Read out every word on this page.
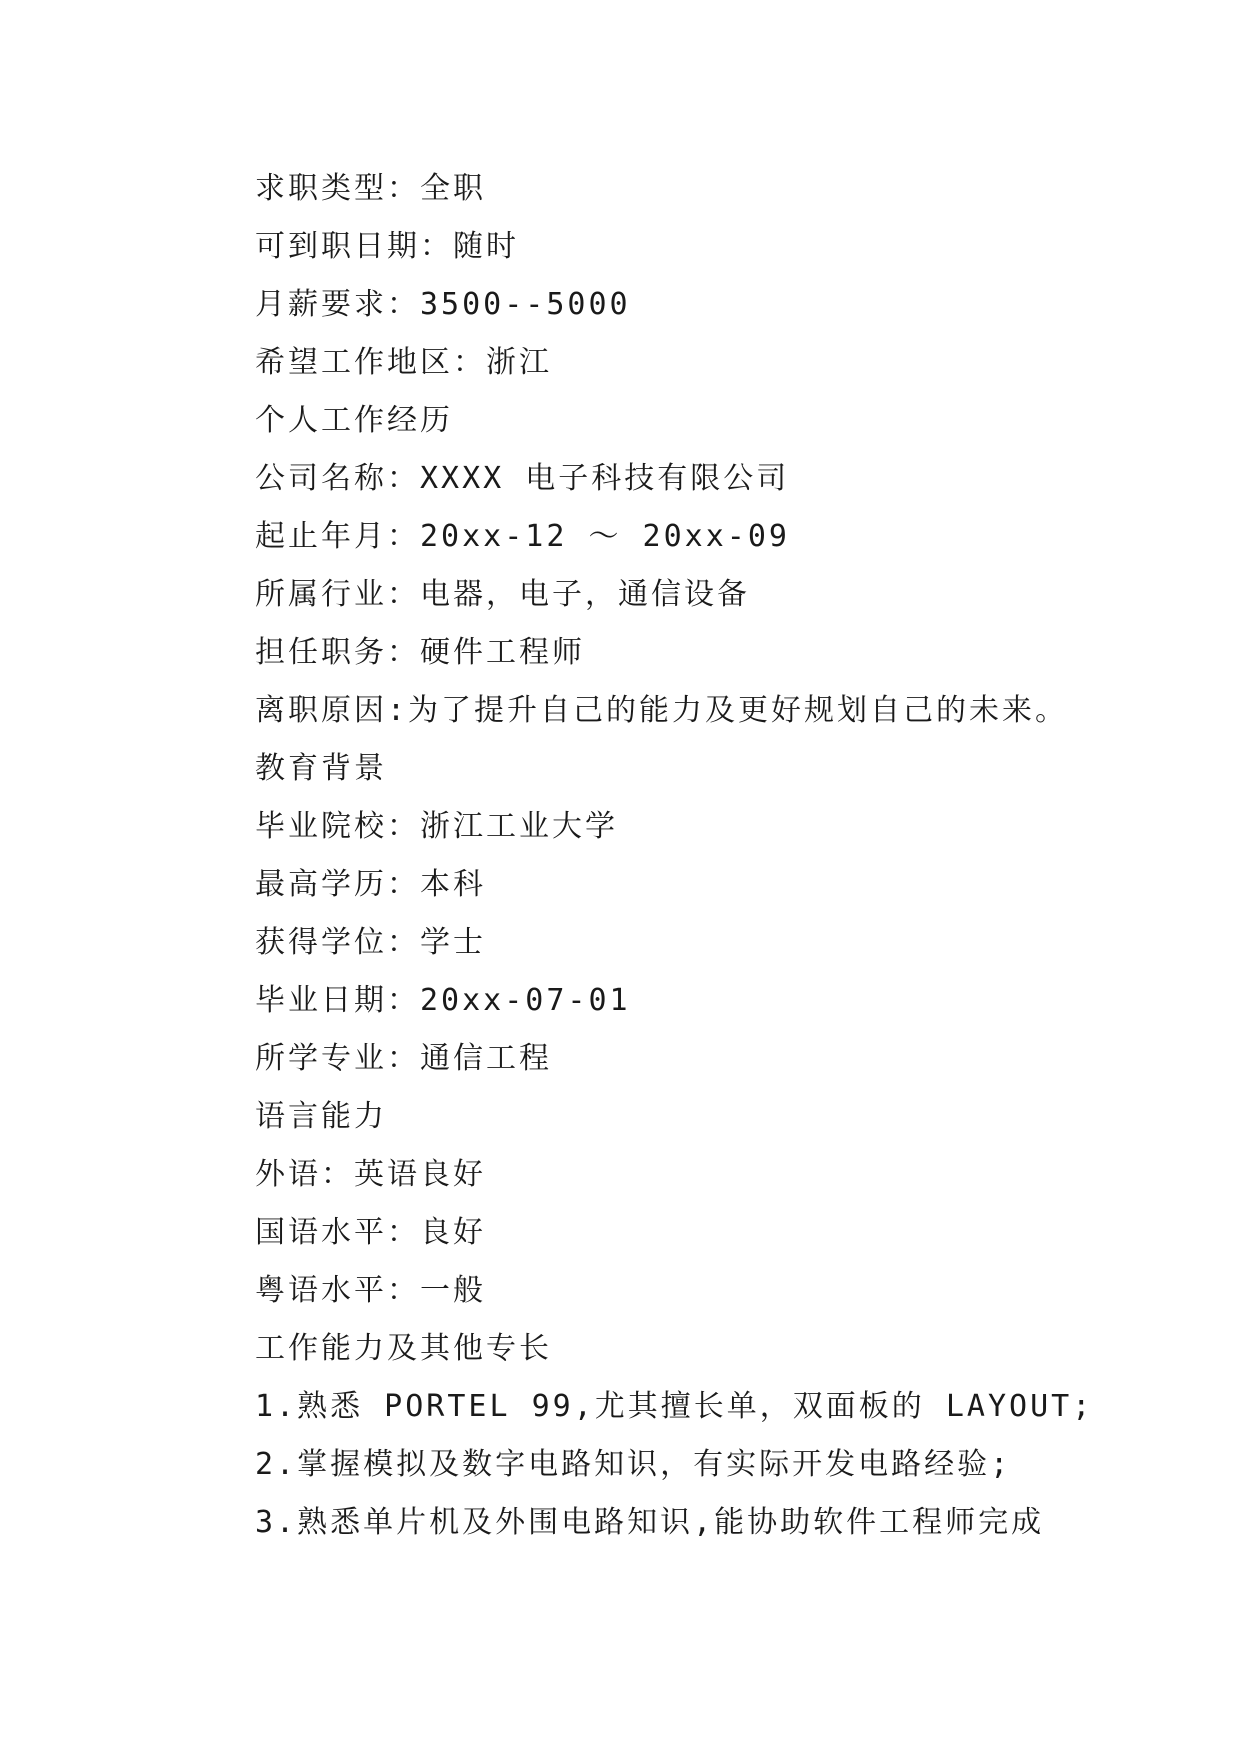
求职类型：全职
可到职日期：随时
月薪要求：3500--5000
希望工作地区：浙江
个人工作经历
公司名称：XXXX 电子科技有限公司
起止年月：20xx-12 ～ 20xx-09
所属行业：电器，电子，通信设备
担任职务：硬件工程师
离职原因:为了提升自己的能力及更好规划自己的未来。
教育背景
毕业院校：浙江工业大学
最高学历：本科
获得学位：学士
毕业日期：20xx-07-01
所学专业：通信工程
语言能力
外语：英语良好
国语水平：良好
粤语水平：一般
工作能力及其他专长
1.熟悉 PORTEL 99,尤其擅长单，双面板的 LAYOUT;
2.掌握模拟及数字电路知识，有实际开发电路经验;
3.熟悉单片机及外围电路知识,能协助软件工程师完成
